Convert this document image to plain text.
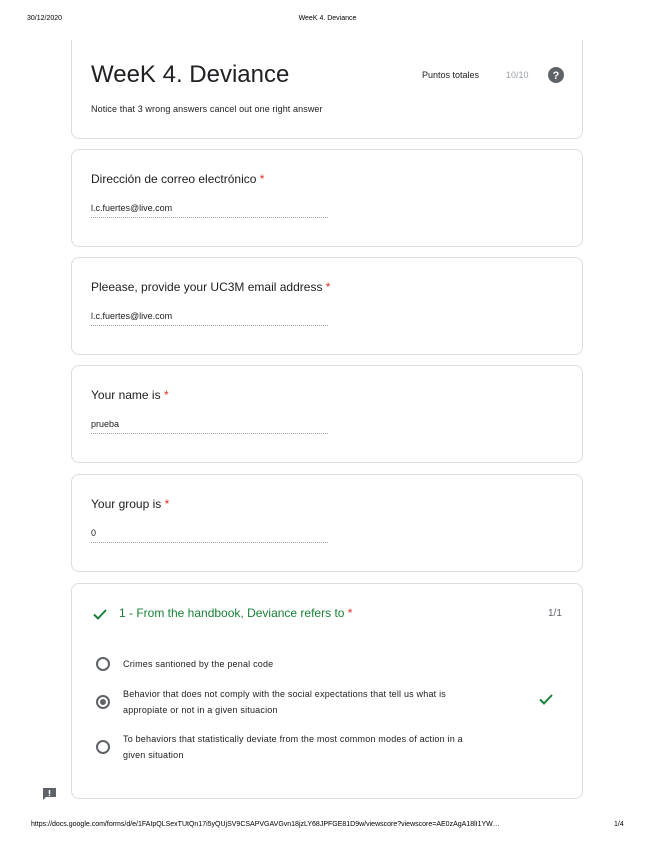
30/12/2020	WeeK 4. Deviance
WeeK 4. Deviance
Notice that 3 wrong answers cancel out one right answer
Puntos totales	10/10 ?
Dirección de correo electrónico *
l.c.fuertes@live.com
Pleease, provide your UC3M email address *
l.c.fuertes@live.com
Your name is *
prueba
Your group is *
0
1 - From the handbook, Deviance refers to *	1/1
Crimes santioned by the penal code
Behavior that does not comply with the social expectations that tell us what is
appropiate or not in a given situacion
To behaviors that statistically deviate from the most common modes of action in a
given situation
https://docs.google.com/forms/d/e/1FAIpQLSexTUtQn17i5yQUjSV9CSAPVGAVGvn18jzLY68JPFGE81D9w/viewscore?viewscore=AE0zAgA18lI1YW…	1/4
